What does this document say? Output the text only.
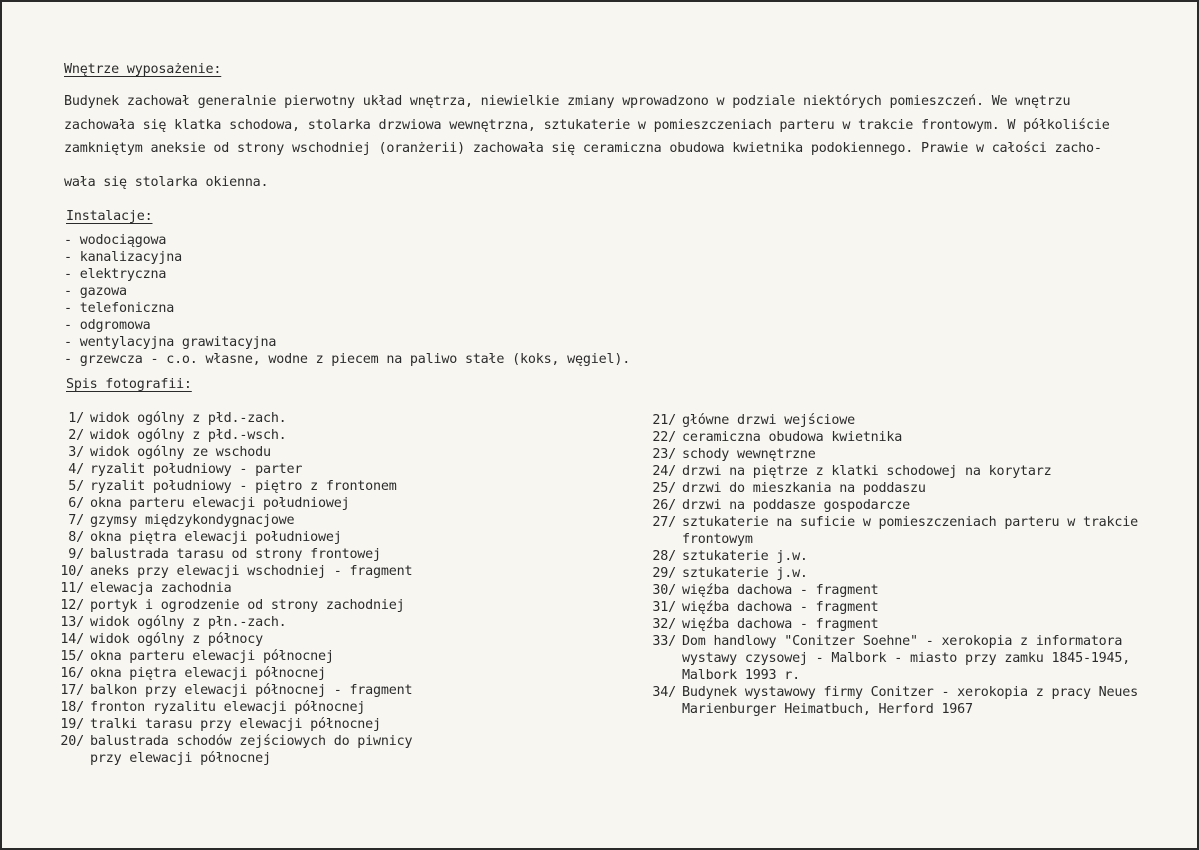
Wnętrze wyposażenie:
Budynek zachował generalnie pierwotny układ wnętrza, niewielkie zmiany wprowadzono w podziale niektórych pomieszczeń. We wnętrzu
zachowała się klatka schodowa, stolarka drzwiowa wewnętrzna, sztukaterie w pomieszczeniach parteru w trakcie frontowym. W półkoliście
zamkniętym aneksie od strony wschodniej (oranżerii) zachowała się ceramiczna obudowa kwietnika podokiennego. Prawie w całości zacho-
wała się stolarka okienna.
Instalacje:
- wodociągowa
- kanalizacyjna
- elektryczna
- gazowa
- telefoniczna
- odgromowa
- wentylacyjna grawitacyjna
- grzewcza - c.o. własne, wodne z piecem na paliwo stałe (koks, węgiel).
Spis fotografii:
1/ widok ogólny z płd.-zach.
2/ widok ogólny z płd.-wsch.
3/ widok ogólny ze wschodu
4/ ryzalit południowy - parter
5/ ryzalit południowy - piętro z frontonem
6/ okna parteru elewacji południowej
7/ gzymsy międzykondygnacjowe
8/ okna piętra elewacji południowej
9/ balustrada tarasu od strony frontowej
10/ aneks przy elewacji wschodniej - fragment
11/ elewacja zachodnia
12/ portyk i ogrodzenie od strony zachodniej
13/ widok ogólny z płn.-zach.
14/ widok ogólny z północy
15/ okna parteru elewacji północnej
16/ okna piętra elewacji północnej
17/ balkon przy elewacji północnej - fragment
18/ fronton ryzalitu elewacji północnej
19/ tralki tarasu przy elewacji północnej
20/ balustrada schodów zejściowych do piwnicy
przy elewacji północnej
21/ główne drzwi wejściowe
22/ ceramiczna obudowa kwietnika
23/ schody wewnętrzne
24/ drzwi na piętrze z klatki schodowej na korytarz
25/ drzwi do mieszkania na poddaszu
26/ drzwi na poddasze gospodarcze
27/ sztukaterie na suficie w pomieszczeniach parteru w trakcie
frontowym
28/ sztukaterie j.w.
29/ sztukaterie j.w.
30/ więźba dachowa - fragment
31/ więźba dachowa - fragment
32/ więźba dachowa - fragment
33/ Dom handlowy "Conitzer Soehne" - xerokopia z informatora
wystawy czysowej - Malbork - miasto przy zamku 1845-1945,
Malbork 1993 r.
34/ Budynek wystawowy firmy Conitzer - xerokopia z pracy Neues
Marienburger Heimatbuch, Herford 1967
